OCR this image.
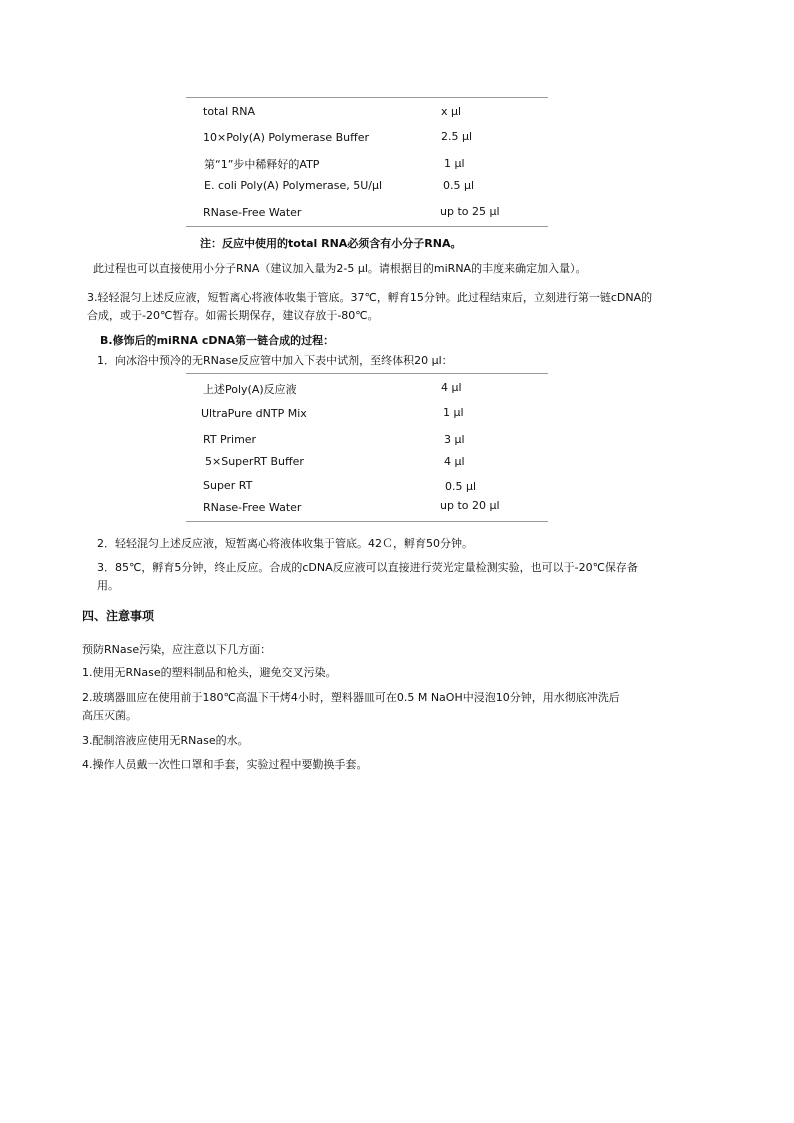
total RNA	x μl
10×Poly(A) Polymerase Buffer	2.5 μl
第“1”步中稀释好的ATP	1 μl
E. coli Poly(A) Polymerase, 5U/μl	0.5 μl
RNase-Free Water	up to 25 μl
注：反应中使用的total RNA必须含有小分子RNA。
此过程也可以直接使用小分子RNA（建议加入量为2-5 μl。请根据目的miRNA的丰度来确定加入量）。
3.轻轻混匀上述反应液，短暂离心将液体收集于管底。37℃，孵育15分钟。此过程结束后，立刻进行第一链cDNA的
合成，或于-20℃暂存。如需长期保存，建议存放于-80℃。
B.修饰后的miRNA cDNA第一链合成的过程：
1．向冰浴中预冷的无RNase反应管中加入下表中试剂，至终体积20 μl：
上述Poly(A)反应液	4 μl
UltraPure dNTP Mix	1 μl
RT Primer	3 μl
5×SuperRT Buffer	4 μl
Super RT	0.5 μl
RNase-Free Water	up to 20 μl
2．轻轻混匀上述反应液，短暂离心将液体收集于管底。42Ｃ，孵育50分钟。
3．85℃，孵育5分钟，终止反应。合成的cDNA反应液可以直接进行荧光定量检测实验，也可以于-20℃保存备
用。
四、注意事项
预防RNase污染，应注意以下几方面：
1.使用无RNase的塑料制品和枪头，避免交叉污染。
2.玻璃器皿应在使用前于180℃高温下干烤4小时，塑料器皿可在0.5 M NaOH中浸泡10分钟，用水彻底冲洗后
高压灭菌。
3.配制溶液应使用无RNase的水。
4.操作人员戴一次性口罩和手套，实验过程中要勤换手套。
